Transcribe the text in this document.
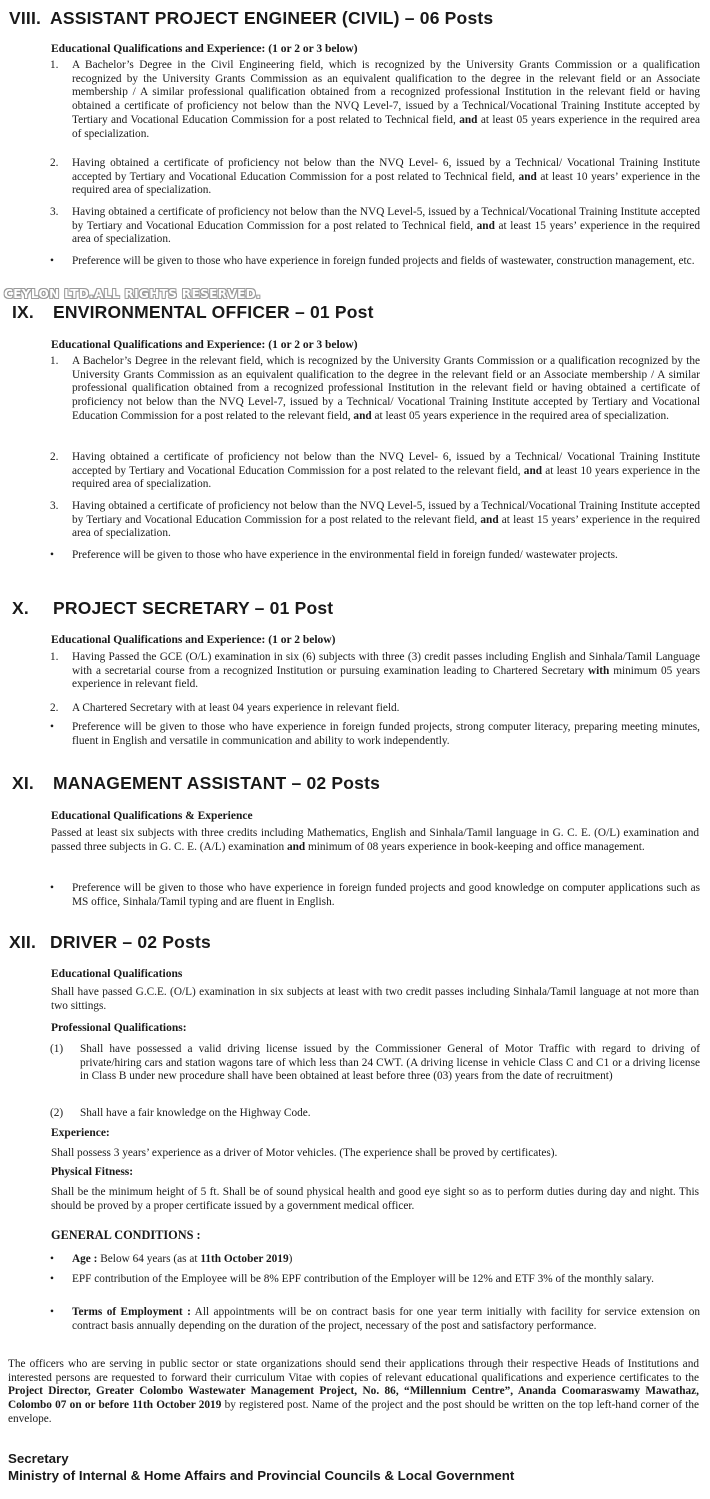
VIII. ASSISTANT PROJECT ENGINEER (CIVIL) – 06 Posts
Educational Qualifications and Experience: (1 or 2 or 3 below)
1. A Bachelor’s Degree in the Civil Engineering field, which is recognized by the University Grants Commission or a qualification recognized by the University Grants Commission as an equivalent qualification to the degree in the relevant field or an Associate membership / A similar professional qualification obtained from a recognized professional Institution in the relevant field or having obtained a certificate of proficiency not below than the NVQ Level-7, issued by a Technical/Vocational Training Institute accepted by Tertiary and Vocational Education Commission for a post related to Technical field, and at least 05 years experience in the required area of specialization.
2. Having obtained a certificate of proficiency not below than the NVQ Level- 6, issued by a Technical/ Vocational Training Institute accepted by Tertiary and Vocational Education Commission for a post related to Technical field, and at least 10 years’ experience in the required area of specialization.
3. Having obtained a certificate of proficiency not below than the NVQ Level-5, issued by a Technical/Vocational Training Institute accepted by Tertiary and Vocational Education Commission for a post related to Technical field, and at least 15 years’ experience in the required area of specialization.
• Preference will be given to those who have experience in foreign funded projects and fields of wastewater, construction management, etc.
CEYLON LTD.ALL RIGHTS RESERVED.
IX. ENVIRONMENTAL OFFICER – 01 Post
Educational Qualifications and Experience: (1 or 2 or 3 below)
1. A Bachelor’s Degree in the relevant field, which is recognized by the University Grants Commission or a qualification recognized by the University Grants Commission as an equivalent qualification to the degree in the relevant field or an Associate membership / A similar professional qualification obtained from a recognized professional Institution in the relevant field or having obtained a certificate of proficiency not below than the NVQ Level-7, issued by a Technical/ Vocational Training Institute accepted by Tertiary and Vocational Education Commission for a post related to the relevant field, and at least 05 years experience in the required area of specialization.
2. Having obtained a certificate of proficiency not below than the NVQ Level- 6, issued by a Technical/ Vocational Training Institute accepted by Tertiary and Vocational Education Commission for a post related to the relevant field, and at least 10 years experience in the required area of specialization.
3. Having obtained a certificate of proficiency not below than the NVQ Level-5, issued by a Technical/Vocational Training Institute accepted by Tertiary and Vocational Education Commission for a post related to the relevant field, and at least 15 years’ experience in the required area of specialization.
• Preference will be given to those who have experience in the environmental field in foreign funded/ wastewater projects.
X. PROJECT SECRETARY – 01 Post
Educational Qualifications and Experience: (1 or 2 below)
1. Having Passed the GCE (O/L) examination in six (6) subjects with three (3) credit passes including English and Sinhala/Tamil Language with a secretarial course from a recognized Institution or pursuing examination leading to Chartered Secretary with minimum 05 years experience in relevant field.
2. A Chartered Secretary with at least 04 years experience in relevant field.
• Preference will be given to those who have experience in foreign funded projects, strong computer literacy, preparing meeting minutes, fluent in English and versatile in communication and ability to work independently.
XI. MANAGEMENT ASSISTANT – 02 Posts
Educational Qualifications & Experience
Passed at least six subjects with three credits including Mathematics, English and Sinhala/Tamil language in G. C. E. (O/L) examination and passed three subjects in G. C. E. (A/L) examination and minimum of 08 years experience in book-keeping and office management.
• Preference will be given to those who have experience in foreign funded projects and good knowledge on computer applications such as MS office, Sinhala/Tamil typing and are fluent in English.
XII. DRIVER – 02 Posts
Educational Qualifications
Shall have passed G.C.E. (O/L) examination in six subjects at least with two credit passes including Sinhala/Tamil language at not more than two sittings.
Professional Qualifications:
(1) Shall have possessed a valid driving license issued by the Commissioner General of Motor Traffic with regard to driving of private/hiring cars and station wagons tare of which less than 24 CWT. (A driving license in vehicle Class C and C1 or a driving license in Class B under new procedure shall have been obtained at least before three (03) years from the date of recruitment)
(2) Shall have a fair knowledge on the Highway Code.
Experience:
Shall possess 3 years’ experience as a driver of Motor vehicles. (The experience shall be proved by certificates).
Physical Fitness:
Shall be the minimum height of 5 ft. Shall be of sound physical health and good eye sight so as to perform duties during day and night. This should be proved by a proper certificate issued by a government medical officer.
GENERAL CONDITIONS :
• Age : Below 64 years (as at 11th October 2019)
• EPF contribution of the Employee will be 8% EPF contribution of the Employer will be 12% and ETF 3% of the monthly salary.
• Terms of Employment : All appointments will be on contract basis for one year term initially with facility for service extension on contract basis annually depending on the duration of the project, necessary of the post and satisfactory performance.
The officers who are serving in public sector or state organizations should send their applications through their respective Heads of Institutions and interested persons are requested to forward their curriculum Vitae with copies of relevant educational qualifications and experience certificates to the Project Director, Greater Colombo Wastewater Management Project, No. 86, “Millennium Centre”, Ananda Coomaraswamy Mawathaz, Colombo 07 on or before 11th October 2019 by registered post. Name of the project and the post should be written on the top left-hand corner of the envelope.
Secretary
Ministry of Internal & Home Affairs and Provincial Councils & Local Government
